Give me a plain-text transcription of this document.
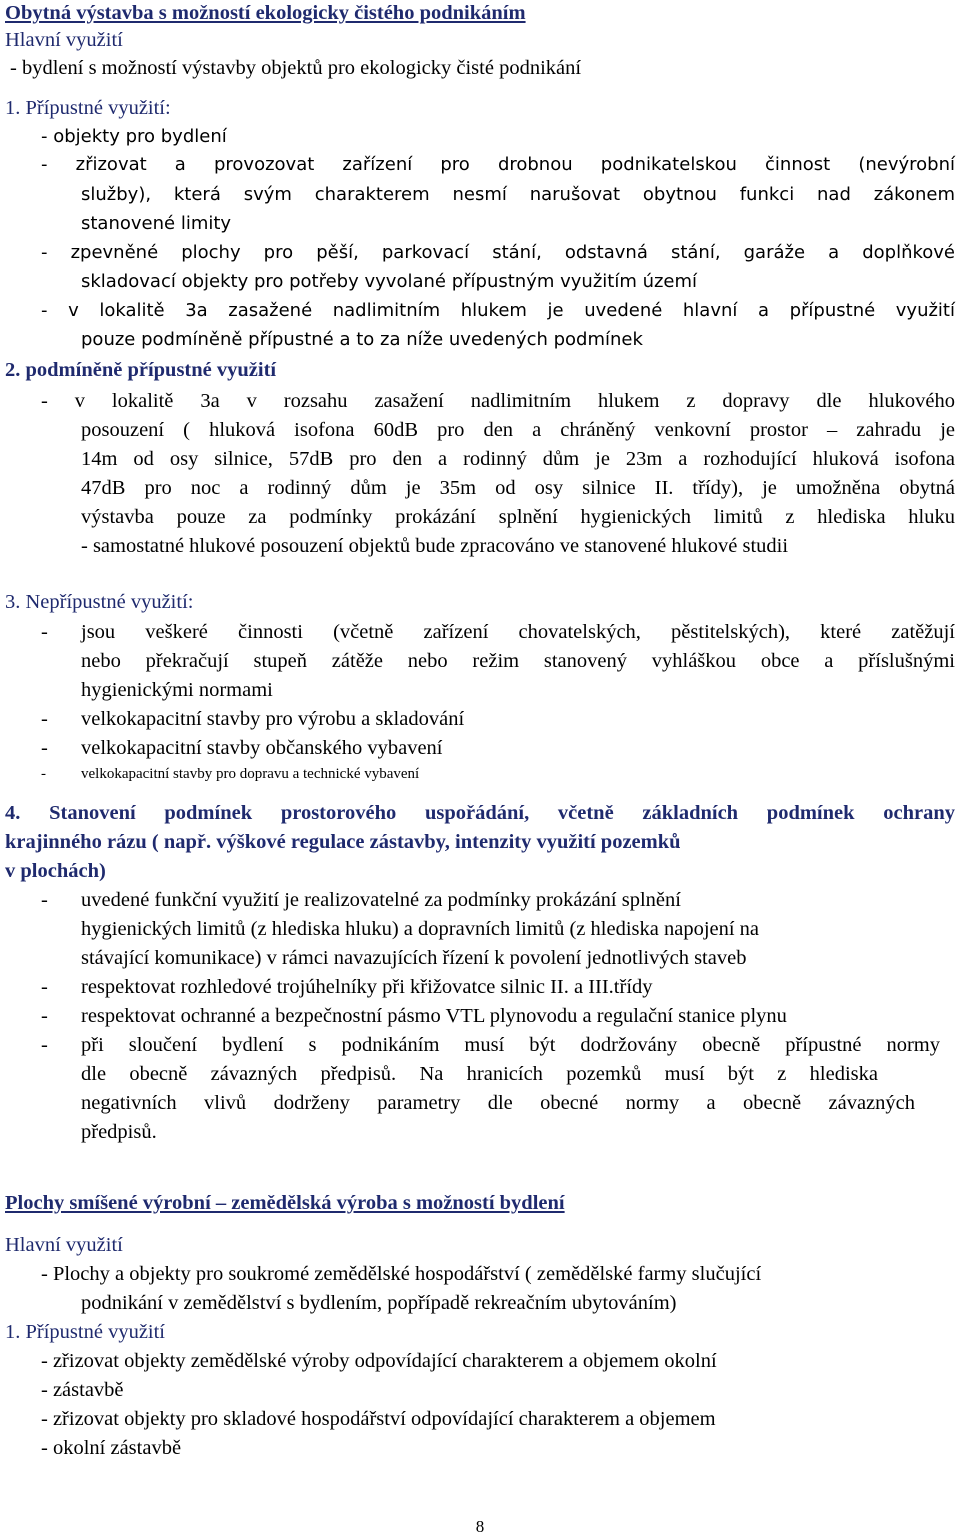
Obytná výstavba s možností ekologicky čistého podnikáním
Hlavní využití
- bydlení s možností výstavby objektů pro ekologicky čisté podnikání
1. Přípustné využití:
- objekty pro bydlení
- zřizovat a provozovat zařízení pro drobnou podnikatelskou činnost (nevýrobní
služby), která svým charakterem nesmí narušovat obytnou funkci nad zákonem
stanovené limity
- zpevněné plochy pro pěší, parkovací stání, odstavná stání, garáže a doplňkové
skladovací objekty pro potřeby vyvolané přípustným využitím území
- v lokalitě 3a zasažené nadlimitním hlukem je uvedené hlavní a přípustné využití
pouze podmíněně přípustné a to za níže uvedených podmínek
2. podmíněně přípustné využití
- v lokalitě 3a v rozsahu zasažení nadlimitním hlukem z dopravy dle hlukového
posouzení ( hluková isofona 60dB pro den a chráněný venkovní prostor – zahradu je
14m od osy silnice, 57dB pro den a rodinný dům je 23m a rozhodující hluková isofona
47dB pro noc a rodinný dům je 35m od osy silnice II. třídy), je umožněna obytná
výstavba pouze za podmínky prokázání splnění hygienických limitů z hlediska hluku
- samostatné hlukové posouzení objektů bude zpracováno ve stanovené hlukové studii
3. Nepřípustné využití:
- jsou veškeré činnosti (včetně zařízení chovatelských, pěstitelských), které zatěžují
nebo překračují stupeň zátěže nebo režim stanovený vyhláškou obce a příslušnými
hygienickými normami
- velkokapacitní stavby pro výrobu a skladování
- velkokapacitní stavby občanského vybavení
- velkokapacitní stavby pro dopravu a technické vybavení
4. Stanovení podmínek prostorového uspořádání, včetně základních podmínek ochrany
krajinného rázu ( např. výškové regulace zástavby, intenzity využití pozemků
v plochách)
- uvedené funkční využití je realizovatelné za podmínky prokázání splnění
hygienických limitů (z hlediska hluku) a dopravních limitů (z hlediska napojení na
stávající komunikace) v rámci navazujících řízení k povolení jednotlivých staveb
- respektovat rozhledové trojúhelníky při křižovatce silnic II. a III.třídy
- respektovat ochranné a bezpečnostní pásmo VTL plynovodu a regulační stanice plynu
- při sloučení bydlení s podnikáním musí být dodržovány obecně přípustné normy
dle obecně závazných předpisů. Na hranicích pozemků musí být z hlediska
negativních vlivů dodrženy parametry dle obecné normy a obecně závazných
předpisů.
Plochy smíšené výrobní – zemědělská výroba s možností bydlení
Hlavní využití
- Plochy a objekty pro soukromé zemědělské hospodářství ( zemědělské farmy slučující
podnikání v zemědělství s bydlením, popřípadě rekreačním ubytováním)
1. Přípustné využití
- zřizovat objekty zemědělské výroby odpovídající charakterem a objemem okolní
- zástavbě
- zřizovat objekty pro skladové hospodářství odpovídající charakterem a objemem
- okolní zástavbě
8
